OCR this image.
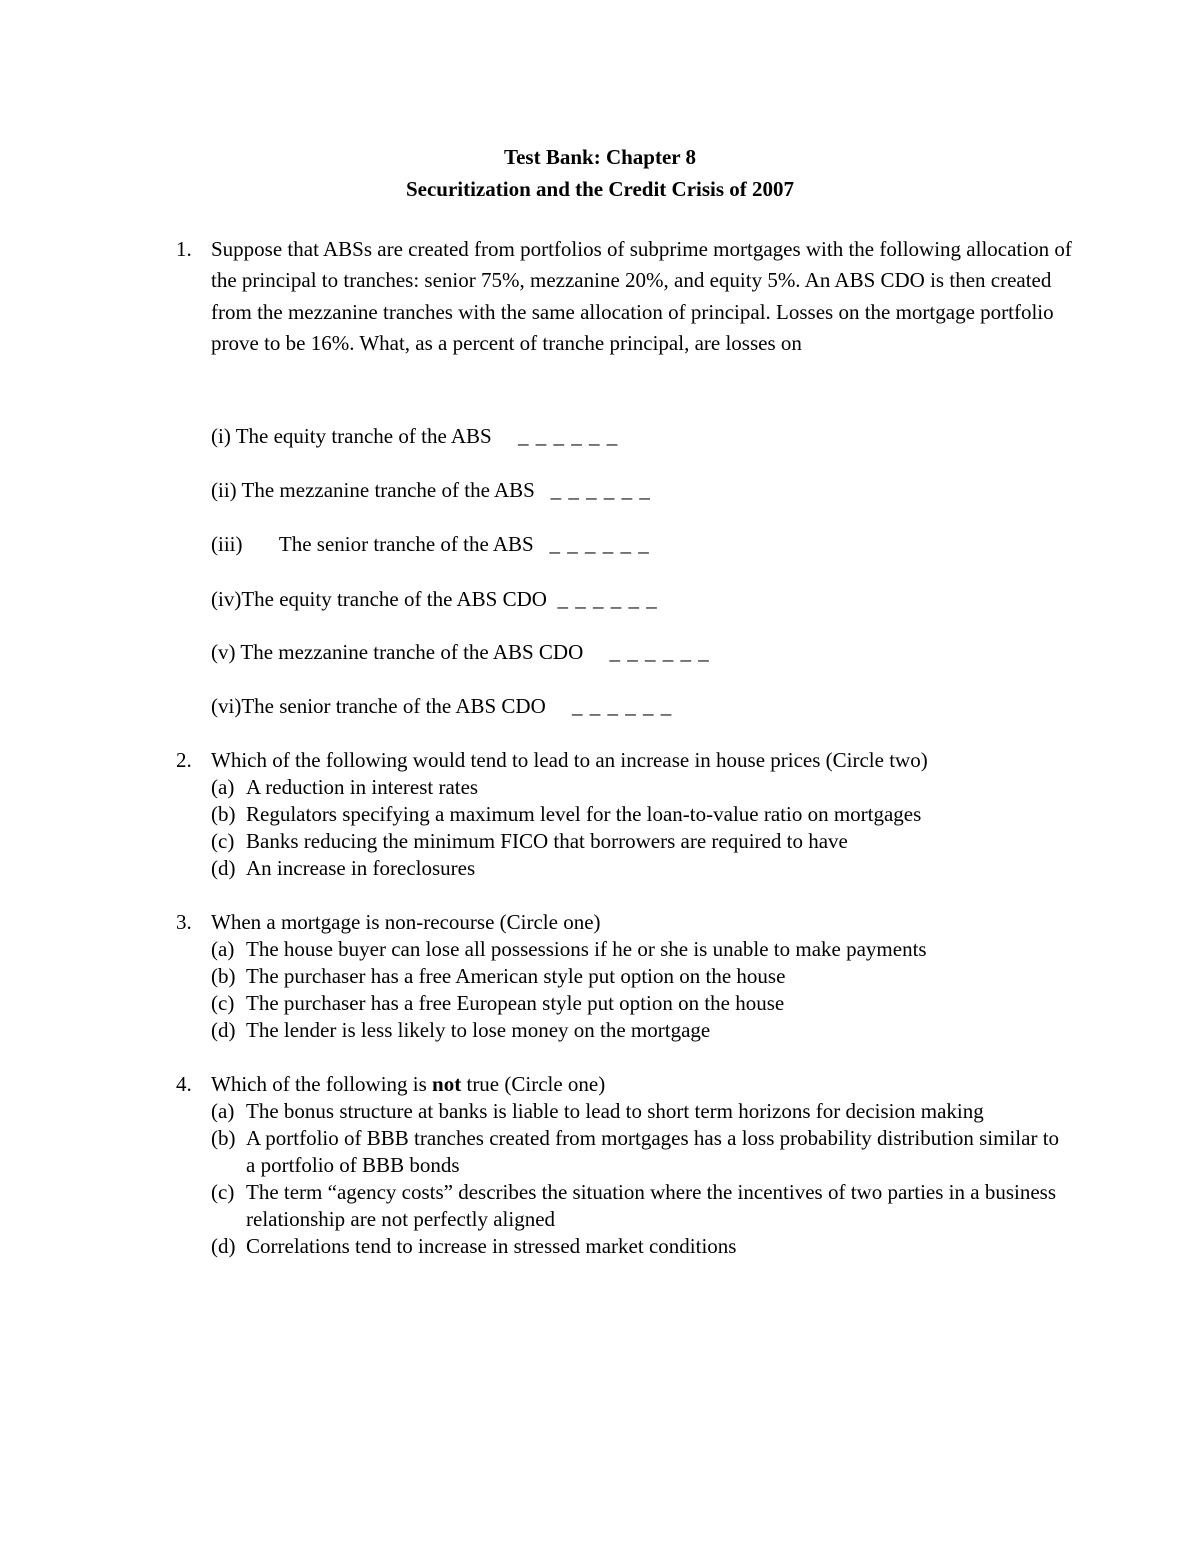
Test Bank: Chapter 8
Securitization and the Credit Crisis of 2007
1. Suppose that ABSs are created from portfolios of subprime mortgages with the following allocation of the principal to tranches: senior 75%, mezzanine 20%, and equity 5%. An ABS CDO is then created from the mezzanine tranches with the same allocation of principal. Losses on the mortgage portfolio prove to be 16%. What, as a percent of tranche principal, are losses on
(i) The equity tranche of the ABS _ _ _ _ _ _
(ii) The mezzanine tranche of the ABS _ _ _ _ _ _
(iii) The senior tranche of the ABS _ _ _ _ _ _
(iv)The equity tranche of the ABS CDO _ _ _ _ _ _
(v) The mezzanine tranche of the ABS CDO _ _ _ _ _ _
(vi)The senior tranche of the ABS CDO _ _ _ _ _ _
2. Which of the following would tend to lead to an increase in house prices (Circle two)
(a) A reduction in interest rates
(b) Regulators specifying a maximum level for the loan-to-value ratio on mortgages
(c) Banks reducing the minimum FICO that borrowers are required to have
(d) An increase in foreclosures
3. When a mortgage is non-recourse (Circle one)
(a) The house buyer can lose all possessions if he or she is unable to make payments
(b) The purchaser has a free American style put option on the house
(c) The purchaser has a free European style put option on the house
(d) The lender is less likely to lose money on the mortgage
4. Which of the following is not true (Circle one)
(a) The bonus structure at banks is liable to lead to short term horizons for decision making
(b) A portfolio of BBB tranches created from mortgages has a loss probability distribution similar to a portfolio of BBB bonds
(c) The term “agency costs” describes the situation where the incentives of two parties in a business relationship are not perfectly aligned
(d) Correlations tend to increase in stressed market conditions
